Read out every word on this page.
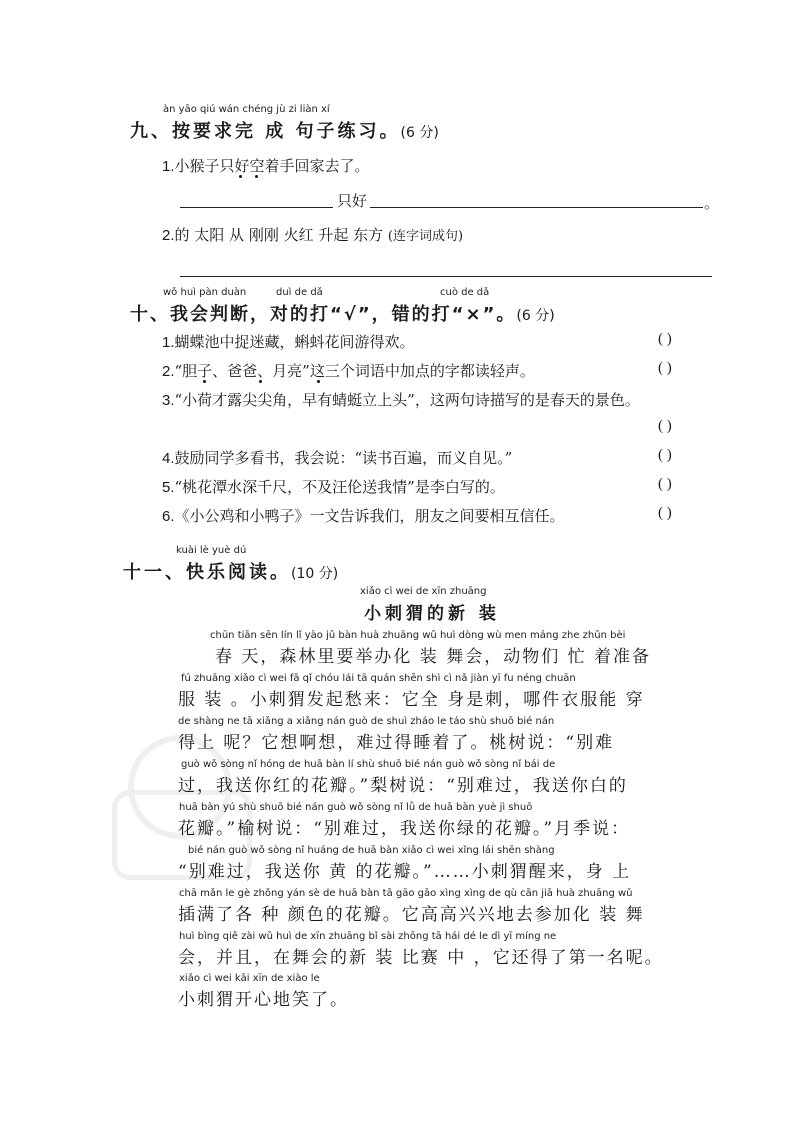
àn yāo qiú wán chéng jù zi liàn xí
九、按要求完 成 句子练习。(6 分)
1.小猴子只好空着手回家去了。
只好	。
2.的 太阳 从 刚刚 火红 升起 东方 (连字词成句)
wǒ huì pàn duàn	duì de dǎ	cuò de dǎ
十、我会判断，对的打“√”，错的打“×”。(6 分)
1.蝴蝶池中捉迷藏，蝌蚪花间游得欢。	( )
2.“胆子、爸爸、月亮”这三个词语中加点的字都读轻声。	( )
3.“小荷才露尖尖角，早有蜻蜓立上头”，这两句诗描写的是春天的景色。
( )
4.鼓励同学多看书，我会说：“读书百遍，而义自见。”	( )
5.“桃花潭水深千尺，不及汪伦送我情”是李白写的。	( )
6.《小公鸡和小鸭子》一文告诉我们，朋友之间要相互信任。	( )
kuài lè yuè dú
十一、快乐阅读。(10 分)
xiǎo cì wei de xīn zhuāng
小刺猬的新 装
chūn tiān sēn lín lǐ yào jǔ bàn huà zhuāng wǔ huì dòng wù men máng zhe zhǔn bèi
春 天，森林里要举办化 装 舞会，动物们 忙 着准备
fú zhuāng xiǎo cì wei fā qǐ chóu lái tā quán shēn shì cì nǎ jiàn yī fu néng chuān
服 装 。小刺猬发起愁来：它全 身是刺，哪件衣服能 穿
de shàng ne tā xiǎng a xiǎng nán guò de shuì zháo le táo shù shuō bié nán
得上 呢？它想啊想，难过得睡着了。桃树说：“别难
guò wǒ sòng nǐ hóng de huā bàn lí shù shuō bié nán guò wǒ sòng nǐ bái de
过，我送你红的花瓣。”梨树说：“别难过，我送你白的
huā bàn yú shù shuō bié nán guò wǒ sòng nǐ lǜ de huā bàn yuè jì shuō
花瓣。”榆树说：“别难过，我送你绿的花瓣。”月季说：
bié nán guò wǒ sòng nǐ huáng de huā bàn xiǎo cì wei xǐng lái shēn shàng
“别难过，我送你 黄 的花瓣。”……小刺猬醒来，身 上
chā mǎn le gè zhǒng yán sè de huā bàn tā gāo gāo xìng xìng de qù cān jiā huà zhuāng wǔ
插满了各 种 颜色的花瓣。它高高兴兴地去参加化 装 舞
huì bìng qiě zài wǔ huì de xīn zhuāng bǐ sài zhōng tā hái dé le dì yī míng ne
会，并且，在舞会的新 装 比赛 中 ，它还得了第一名呢。
xiǎo cì wei kāi xīn de xiào le
小刺猬开心地笑了。
